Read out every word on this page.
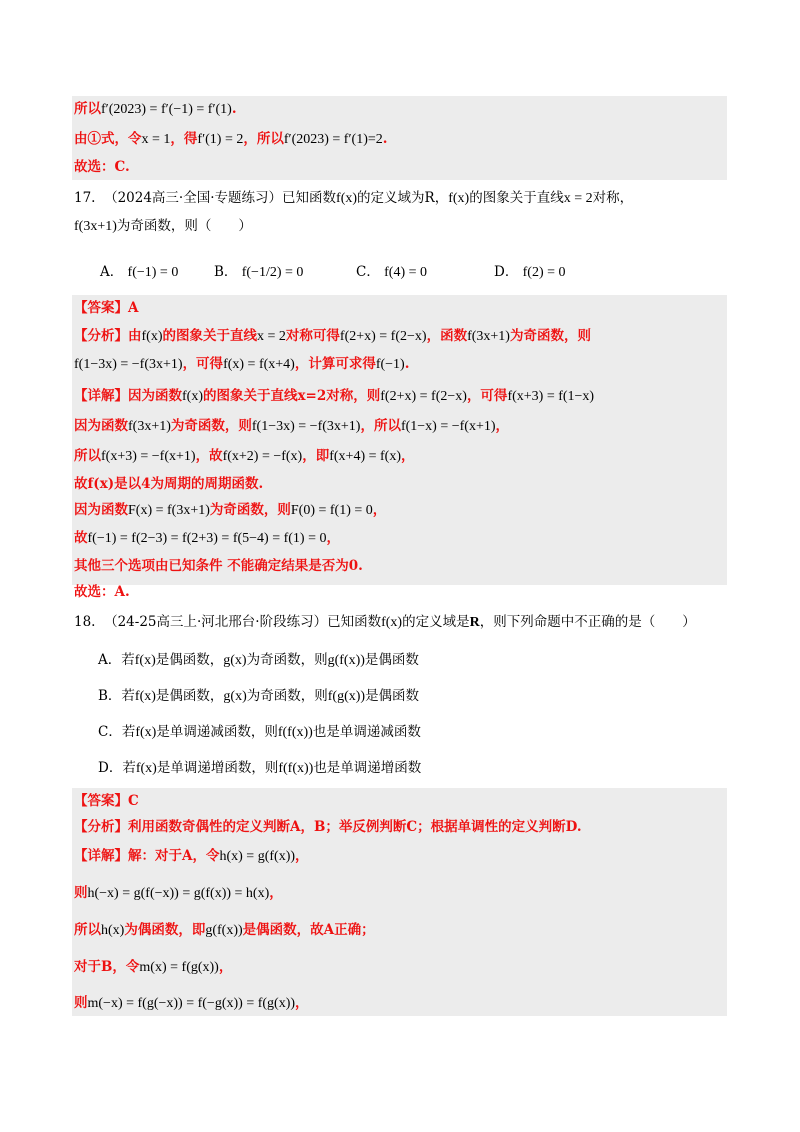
所以f′(2023) = f′(−1) = f′(1).
由①式，令x = 1，得f′(1) = 2，所以f′(2023) = f′(1)=2.
故选：C.
17. （2024高三·全国·专题练习）已知函数f(x)的定义域为R，f(x)的图象关于直线x = 2对称，
f(3x+1)为奇函数，则（　　）
A． f(−1) = 0	B． f(−1/2) = 0	C． f(4) = 0	D． f(2) = 0
【答案】A
【分析】由f(x)的图象关于直线x = 2对称可得f(2+x) = f(2−x)，函数f(3x+1)为奇函数，则
f(1−3x) = −f(3x+1)，可得f(x) = f(x+4)，计算可求得f(−1).
【详解】因为函数f(x)的图象关于直线x=2对称，则f(2+x) = f(2−x)，可得f(x+3) = f(1−x)
因为函数f(3x+1)为奇函数，则f(1−3x) = −f(3x+1)，所以f(1−x) = −f(x+1)，
所以f(x+3) = −f(x+1)，故f(x+2) = −f(x)，即f(x+4) = f(x)，
故f(x)是以4为周期的周期函数.
因为函数F(x) = f(3x+1)为奇函数，则F(0) = f(1) = 0，
故f(−1) = f(2−3) = f(2+3) = f(5−4) = f(1) = 0，
其他三个选项由已知条件 不能确定结果是否为0.
故选：A.
18. （24-25高三上·河北邢台·阶段练习）已知函数f(x)的定义域是R，则下列命题中不正确的是（　　）
A．若f(x)是偶函数，g(x)为奇函数，则g(f(x))是偶函数
B．若f(x)是偶函数，g(x)为奇函数，则f(g(x))是偶函数
C．若f(x)是单调递减函数，则f(f(x))也是单调递减函数
D．若f(x)是单调递增函数，则f(f(x))也是单调递增函数
【答案】C
【分析】利用函数奇偶性的定义判断A，B；举反例判断C；根据单调性的定义判断D.
【详解】解：对于A，令h(x) = g(f(x))，
则h(−x) = g(f(−x)) = g(f(x)) = h(x)，
所以h(x)为偶函数，即g(f(x))是偶函数，故A正确；
对于B，令m(x) = f(g(x))，
则m(−x) = f(g(−x)) = f(−g(x)) = f(g(x))，
